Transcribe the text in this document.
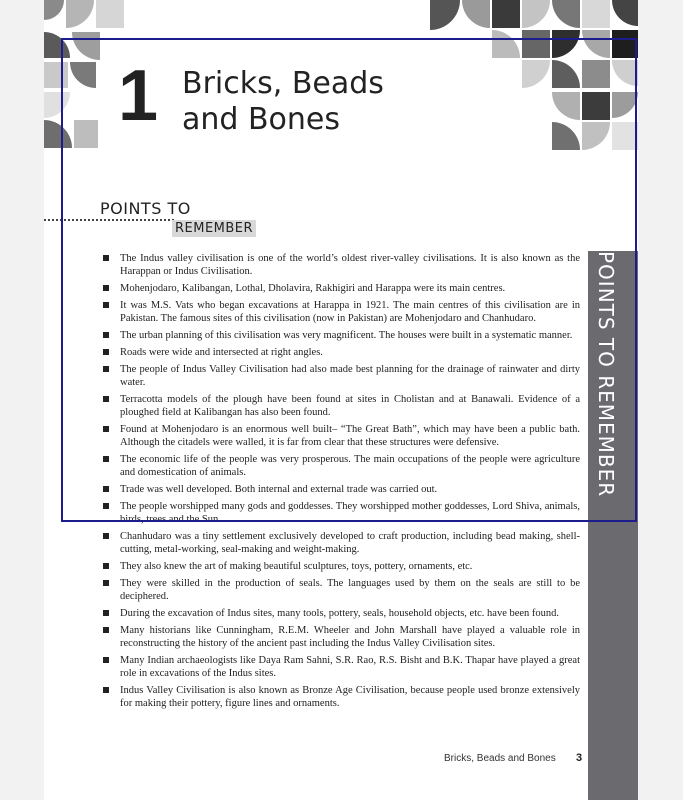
1 Bricks, Beads
and Bones
POINTS TO
REMEMBER
POINTS TO REMEMBER
The Indus valley civilisation is one of the world’s oldest river-valley civilisations. It is also known as the Harappan or Indus Civilisation.
Mohenjodaro, Kalibangan, Lothal, Dholavira, Rakhigiri and Harappa were its main centres.
It was M.S. Vats who began excavations at Harappa in 1921. The main centres of this civilisation are in Pakistan. The famous sites of this civilisation (now in Pakistan) are Mohenjodaro and Chanhudaro.
The urban planning of this civilisation was very magnificent. The houses were built in a systematic manner.
Roads were wide and intersected at right angles.
The people of Indus Valley Civilisation had also made best planning for the drainage of rainwater and dirty water.
Terracotta models of the plough have been found at sites in Cholistan and at Banawali. Evidence of a ploughed field at Kalibangan has also been found.
Found at Mohenjodaro is an enormous well built– “The Great Bath”, which may have been a public bath. Although the citadels were walled, it is far from clear that these structures were defensive.
The economic life of the people was very prosperous. The main occupations of the people were agriculture and domestication of animals.
Trade was well developed. Both internal and external trade was carried out.
The people worshipped many gods and goddesses. They worshipped mother goddesses, Lord Shiva, animals, birds, trees and the Sun.
Chanhudaro was a tiny settlement exclusively developed to craft production, including bead making, shell-cutting, metal-working, seal-making and weight-making.
They also knew the art of making beautiful sculptures, toys, pottery, ornaments, etc.
They were skilled in the production of seals. The languages used by them on the seals are still to be deciphered.
During the excavation of Indus sites, many tools, pottery, seals, household objects, etc. have been found.
Many historians like Cunningham, R.E.M. Wheeler and John Marshall have played a valuable role in reconstructing the history of the ancient past including the Indus Valley Civilisation sites.
Many Indian archaeologists like Daya Ram Sahni, S.R. Rao, R.S. Bisht and B.K. Thapar have played a great role in excavations of the Indus sites.
Indus Valley Civilisation is also known as Bronze Age Civilisation, because people used bronze extensively for making their pottery, figure lines and ornaments.
Bricks, Beads and Bones 3
